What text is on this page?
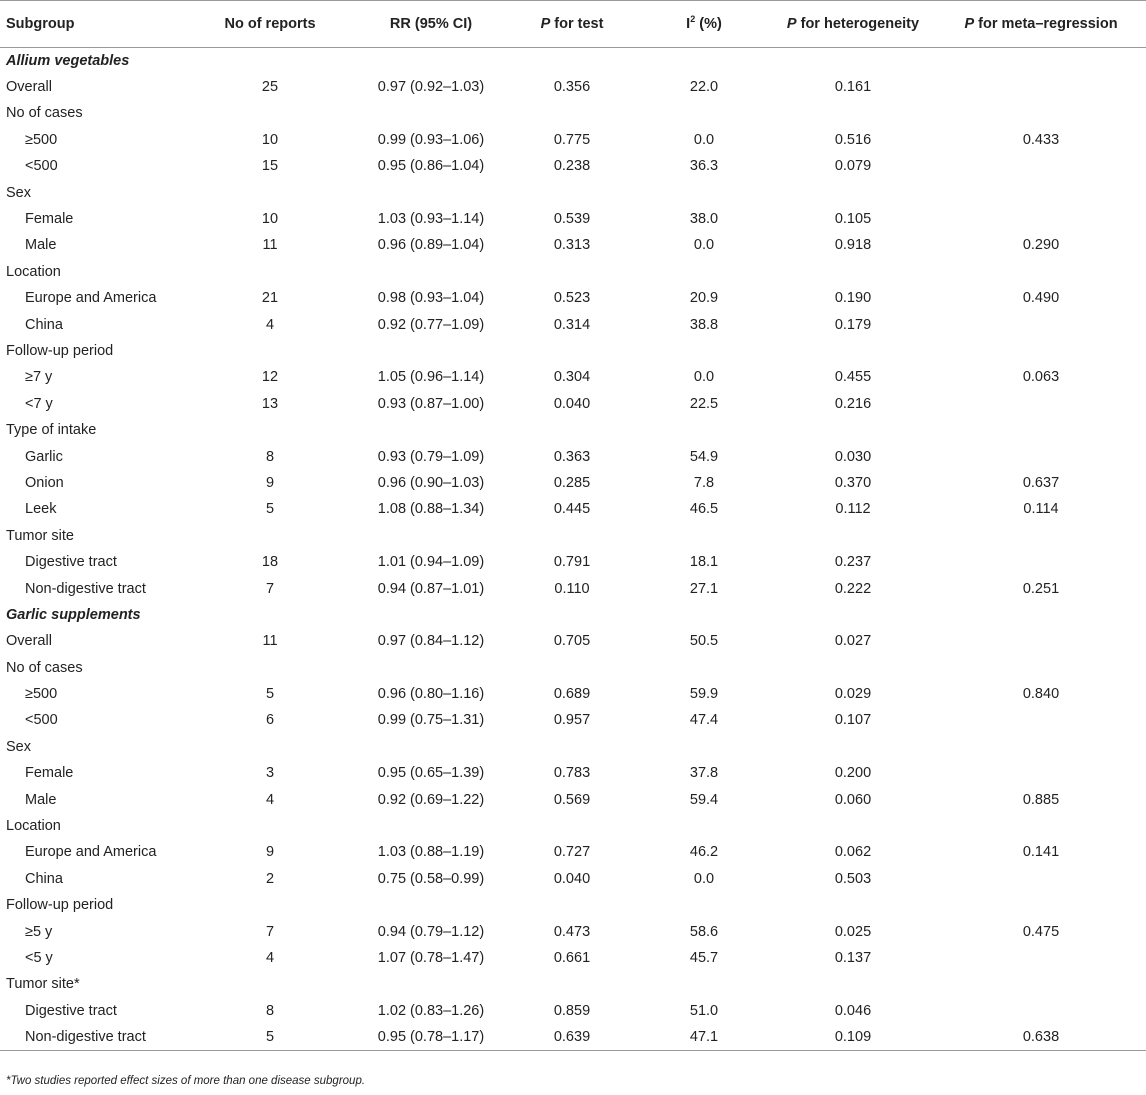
Subgroup	No of reports	RR (95% CI)	P for test	$I^2$ (%)	P for heterogeneity	P for meta–regression
Allium vegetables						
Overall	25	0.97 (0.92–1.03)	0.356	22.0	0.161	
No of cases						
≥500	10	0.99 (0.93–1.06)	0.775	0.0	0.516	0.433
<500	15	0.95 (0.86–1.04)	0.238	36.3	0.079	
Sex						
Female	10	1.03 (0.93–1.14)	0.539	38.0	0.105	
Male	11	0.96 (0.89–1.04)	0.313	0.0	0.918	0.290
Location						
Europe and America	21	0.98 (0.93–1.04)	0.523	20.9	0.190	0.490
China	4	0.92 (0.77–1.09)	0.314	38.8	0.179	
Follow-up period						
≥7 y	12	1.05 (0.96–1.14)	0.304	0.0	0.455	0.063
<7 y	13	0.93 (0.87–1.00)	0.040	22.5	0.216	
Type of intake						
Garlic	8	0.93 (0.79–1.09)	0.363	54.9	0.030	
Onion	9	0.96 (0.90–1.03)	0.285	7.8	0.370	0.637
Leek	5	1.08 (0.88–1.34)	0.445	46.5	0.112	0.114
Tumor site						
Digestive tract	18	1.01 (0.94–1.09)	0.791	18.1	0.237	
Non-digestive tract	7	0.94 (0.87–1.01)	0.110	27.1	0.222	0.251
Garlic supplements						
Overall	11	0.97 (0.84–1.12)	0.705	50.5	0.027	
No of cases						
≥500	5	0.96 (0.80–1.16)	0.689	59.9	0.029	0.840
<500	6	0.99 (0.75–1.31)	0.957	47.4	0.107	
Sex						
Female	3	0.95 (0.65–1.39)	0.783	37.8	0.200	
Male	4	0.92 (0.69–1.22)	0.569	59.4	0.060	0.885
Location						
Europe and America	9	1.03 (0.88–1.19)	0.727	46.2	0.062	0.141
China	2	0.75 (0.58–0.99)	0.040	0.0	0.503	
Follow-up period						
≥5 y	7	0.94 (0.79–1.12)	0.473	58.6	0.025	0.475
<5 y	4	1.07 (0.78–1.47)	0.661	45.7	0.137	
Tumor site*						
Digestive tract	8	1.02 (0.83–1.26)	0.859	51.0	0.046	
Non-digestive tract	5	0.95 (0.78–1.17)	0.639	47.1	0.109	0.638
*Two studies reported effect sizes of more than one disease subgroup.
